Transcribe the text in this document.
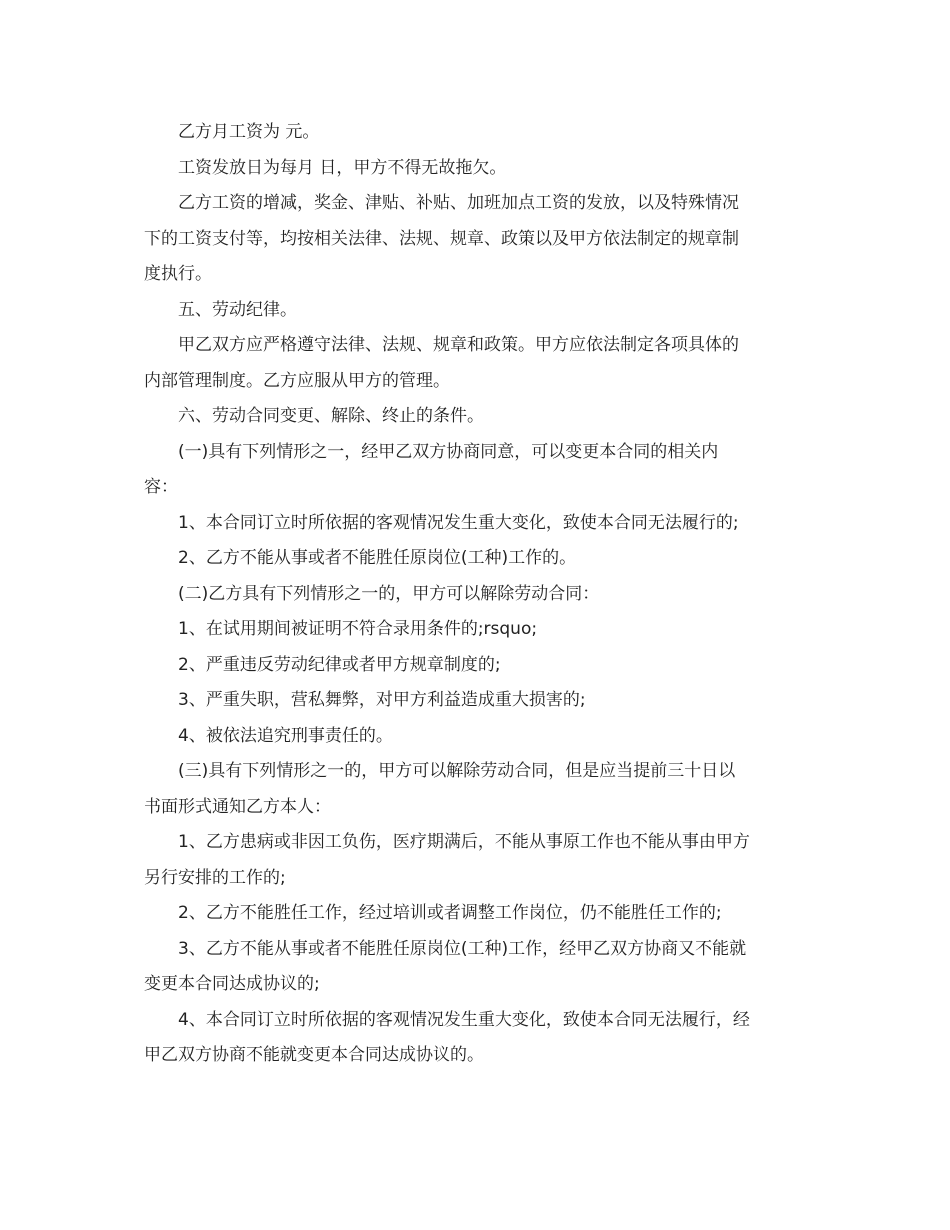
乙方月工资为 元。

工资发放日为每月 日，甲方不得无故拖欠。

乙方工资的增减，奖金、津贴、补贴、加班加点工资的发放，以及特殊情况
下的工资支付等，均按相关法律、法规、规章、政策以及甲方依法制定的规章制
度执行。

五、劳动纪律。

甲乙双方应严格遵守法律、法规、规章和政策。甲方应依法制定各项具体的
内部管理制度。乙方应服从甲方的管理。

六、劳动合同变更、解除、终止的条件。

(一)具有下列情形之一，经甲乙双方协商同意，可以变更本合同的相关内
容：

1、本合同订立时所依据的客观情况发生重大变化，致使本合同无法履行的;

2、乙方不能从事或者不能胜任原岗位(工种)工作的。

(二)乙方具有下列情形之一的，甲方可以解除劳动合同：

1、在试用期间被证明不符合录用条件的;rsquo;

2、严重违反劳动纪律或者甲方规章制度的;

3、严重失职，营私舞弊，对甲方利益造成重大损害的;

4、被依法追究刑事责任的。

(三)具有下列情形之一的，甲方可以解除劳动合同，但是应当提前三十日以
书面形式通知乙方本人：

1、乙方患病或非因工负伤，医疗期满后，不能从事原工作也不能从事由甲方
另行安排的工作的;

2、乙方不能胜任工作，经过培训或者调整工作岗位，仍不能胜任工作的;

3、乙方不能从事或者不能胜任原岗位(工种)工作，经甲乙双方协商又不能就
变更本合同达成协议的;

4、本合同订立时所依据的客观情况发生重大变化，致使本合同无法履行，经
甲乙双方协商不能就变更本合同达成协议的。
